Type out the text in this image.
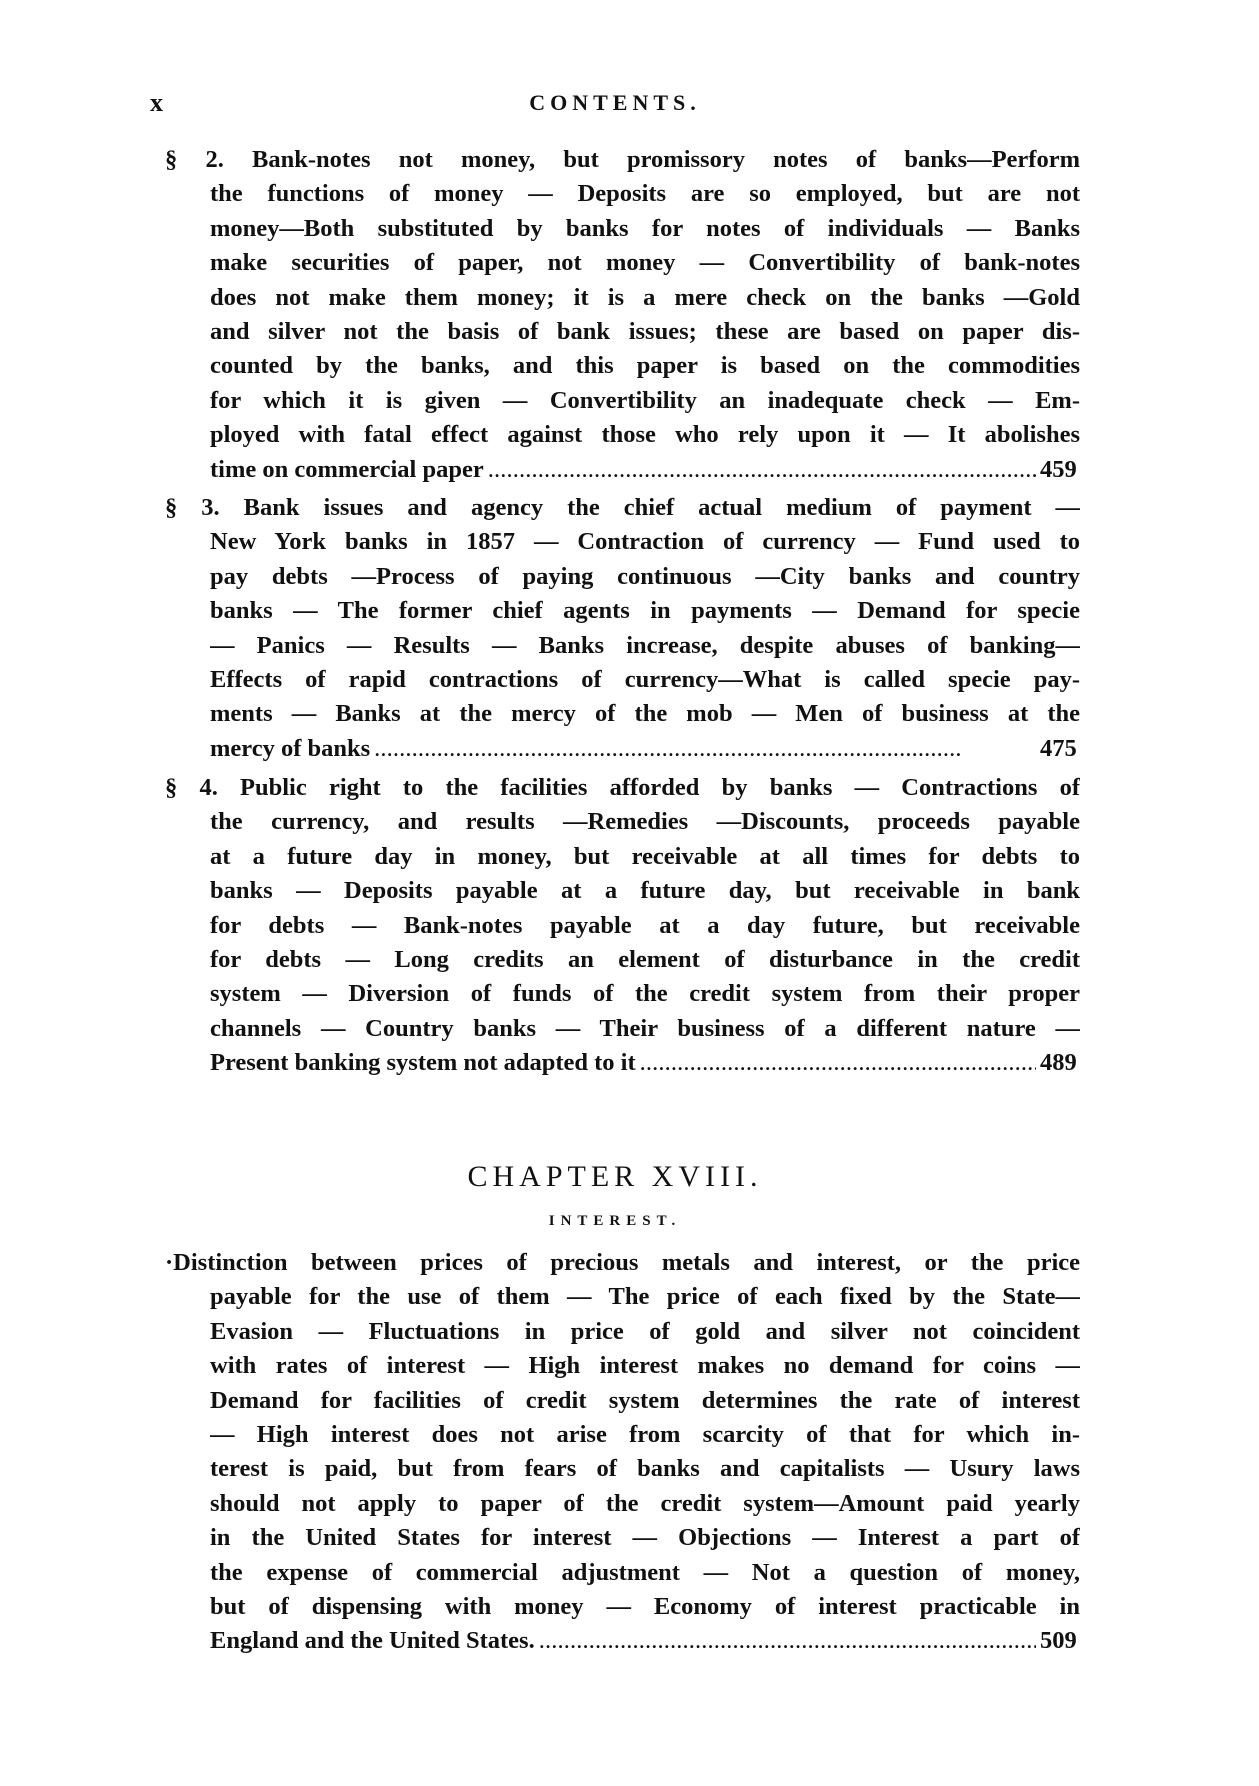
x	CONTENTS.
§ 2. Bank-notes not money, but promissory notes of banks—Perform
the functions of money — Deposits are so employed, but are not
money—Both substituted by banks for notes of individuals — Banks
make securities of paper, not money — Convertibility of bank-notes
does not make them money; it is a mere check on the banks —Gold
and silver not the basis of bank issues; these are based on paper dis-
counted by the banks, and this paper is based on the commodities
for which it is given — Convertibility an inadequate check — Em-
ployed with fatal effect against those who rely upon it — It abolishes
time on commercial paper . . .	459
§ 3. Bank issues and agency the chief actual medium of payment —
New York banks in 1857 — Contraction of currency — Fund used to
pay debts —Process of paying continuous —City banks and country
banks — The former chief agents in payments — Demand for specie
— Panics — Results — Banks increase, despite abuses of banking—
Effects of rapid contractions of currency—What is called specie pay-
ments — Banks at the mercy of the mob — Men of business at the
mercy of banks . . .	475
§ 4. Public right to the facilities afforded by banks — Contractions of
the currency, and results —Remedies —Discounts, proceeds payable
at a future day in money, but receivable at all times for debts to
banks — Deposits payable at a future day, but receivable in bank
for debts — Bank-notes payable at a day future, but receivable
for debts — Long credits an element of disturbance in the credit
system — Diversion of funds of the credit system from their proper
channels — Country banks — Their business of a different nature —
Present banking system not adapted to it . . .	489
CHAPTER XVIII.
INTEREST.
·Distinction between prices of precious metals and interest, or the price
payable for the use of them — The price of each fixed by the State—
Evasion — Fluctuations in price of gold and silver not coincident
with rates of interest — High interest makes no demand for coins —
Demand for facilities of credit system determines the rate of interest
— High interest does not arise from scarcity of that for which in-
terest is paid, but from fears of banks and capitalists — Usury laws
should not apply to paper of the credit system—Amount paid yearly
in the United States for interest — Objections — Interest a part of
the expense of commercial adjustment — Not a question of money,
but of dispensing with money — Economy of interest practicable in
England and the United States. . . .	509
